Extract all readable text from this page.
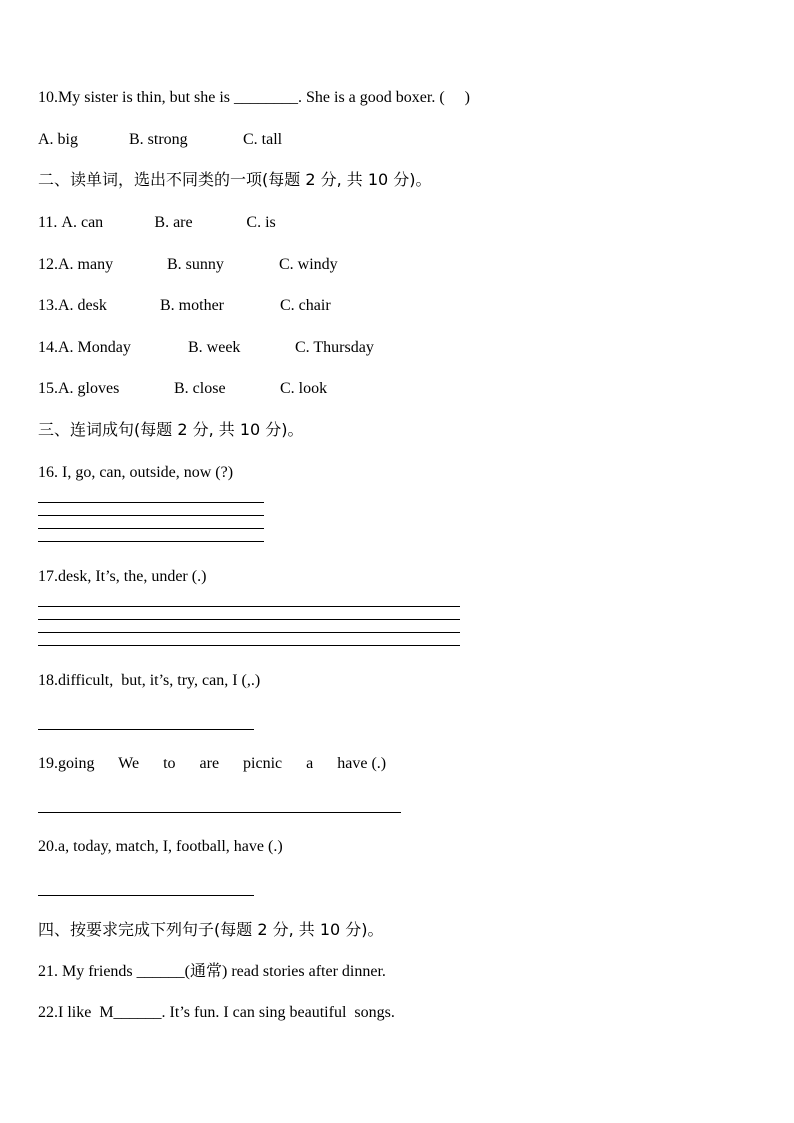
10.My sister is thin, but she is ________. She is a good boxer. (     )
A. big	B. strong	C. tall
二、读单词，选出不同类的一项(每题 2 分, 共 10 分)。
11. A. can	B. are	C. is
12.A. many	B. sunny	C. windy
13.A. desk	B. mother	C. chair
14.A. Monday	B. week	C. Thursday
15.A. gloves	B. close	C. look
三、连词成句(每题 2 分, 共 10 分)。
16. I, go, can, outside, now (?)
17.desk, It’s, the, under (.)
18.difficult,  but, it’s, try, can, I (,.)
19.going      We      to      are      picnic      a      have (.)
20.a, today, match, I, football, have (.)
四、按要求完成下列句子(每题 2 分, 共 10 分)。
21. My friends ______(通常) read stories after dinner.
22.I like  M______. It’s fun. I can sing beautiful  songs.
